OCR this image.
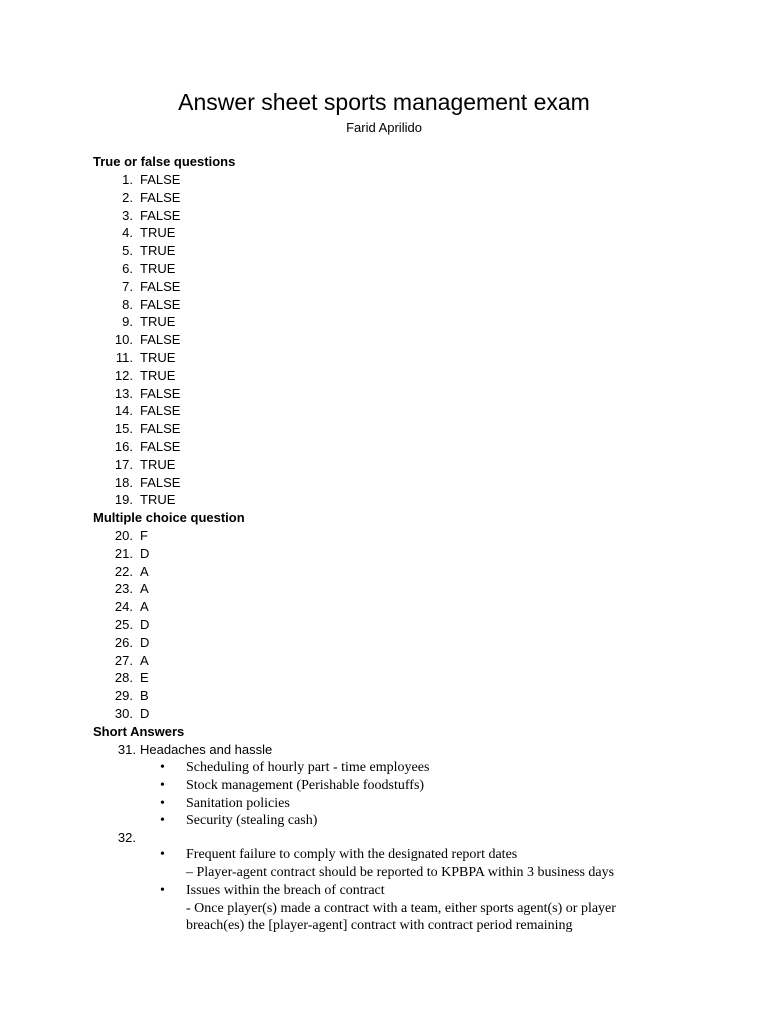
Answer sheet sports management exam
Farid Aprilido
True or false questions
1. FALSE
2. FALSE
3. FALSE
4. TRUE
5. TRUE
6. TRUE
7. FALSE
8. FALSE
9. TRUE
10. FALSE
11. TRUE
12. TRUE
13. FALSE
14. FALSE
15. FALSE
16. FALSE
17. TRUE
18. FALSE
19. TRUE
Multiple choice question
20. F
21. D
22. A
23. A
24. A
25. D
26. D
27. A
28. E
29. B
30. D
Short Answers
31. Headaches and hassle
• Scheduling of hourly part - time employees
• Stock management (Perishable foodstuffs)
• Sanitation policies
• Security (stealing cash)
32.
• Frequent failure to comply with the designated report dates
– Player-agent contract should be reported to KPBPA within 3 business days
• Issues within the breach of contract
- Once player(s) made a contract with a team, either sports agent(s) or player
breach(es) the [player-agent] contract with contract period remaining
